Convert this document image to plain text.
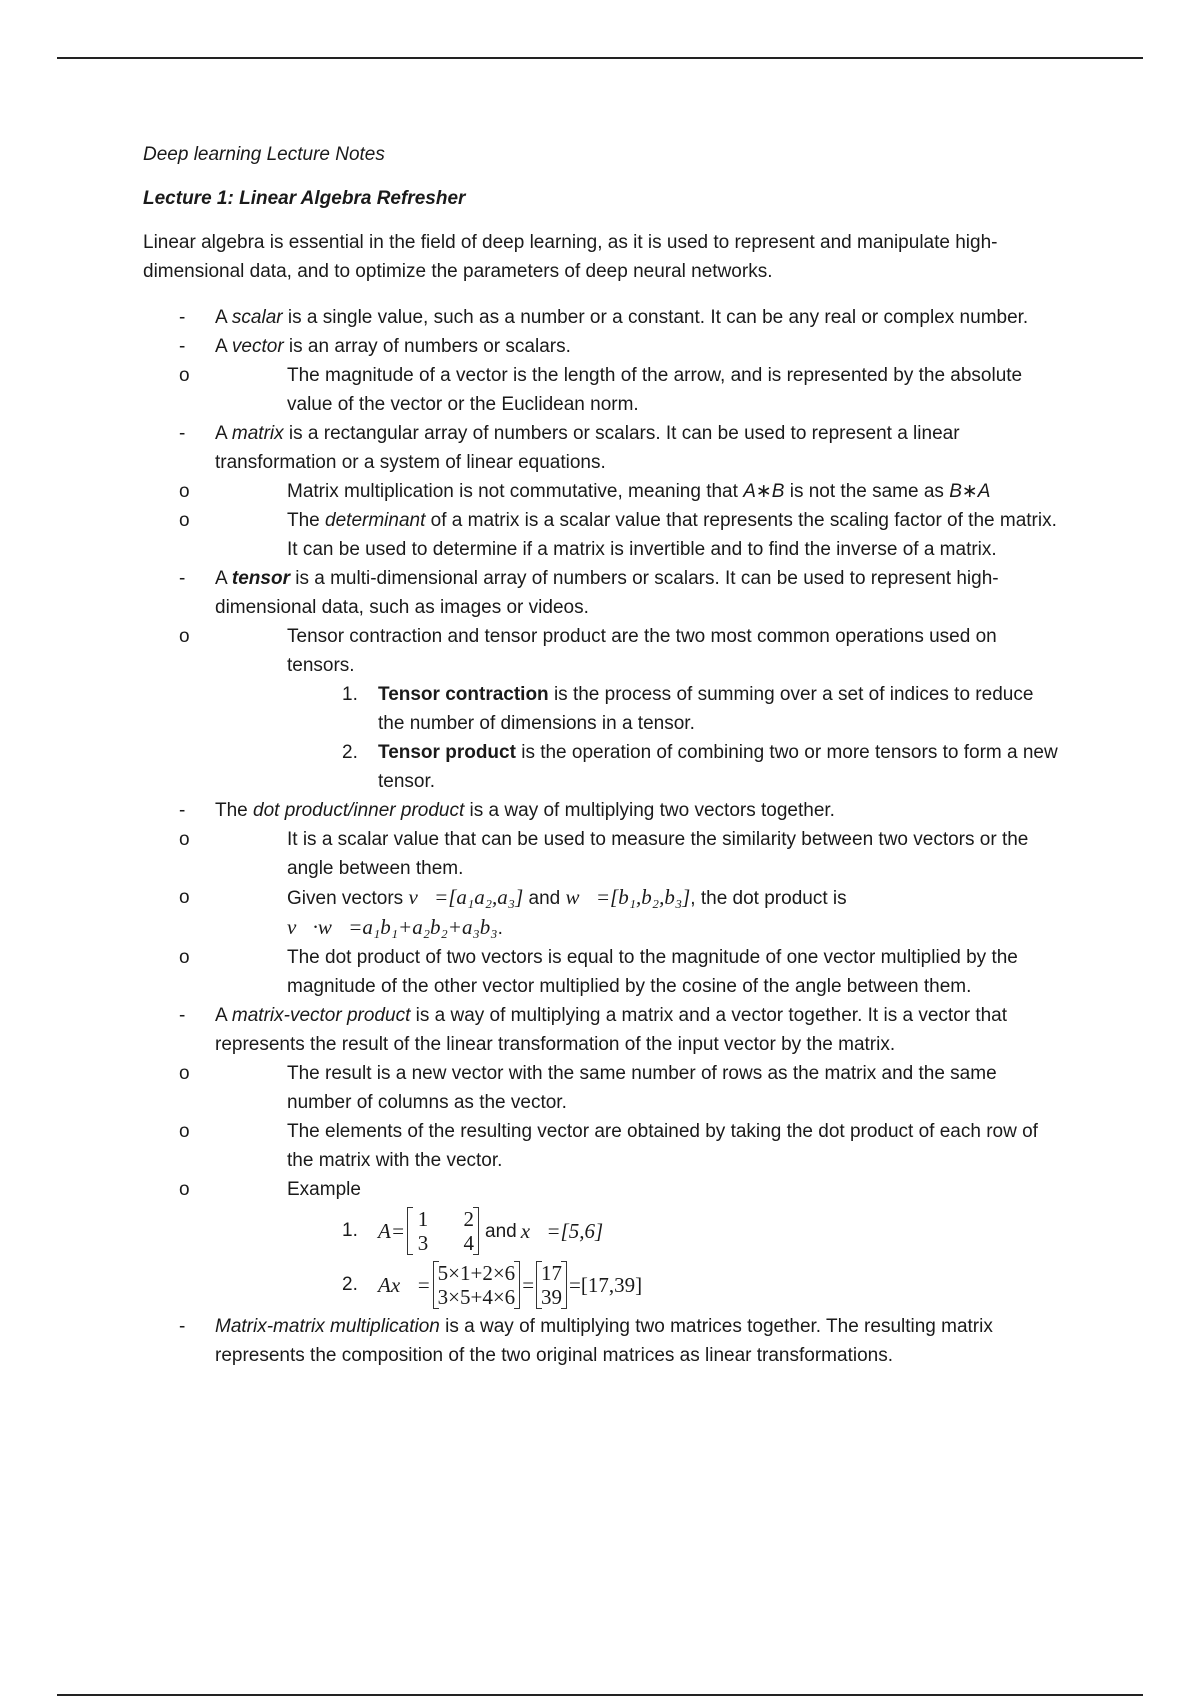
Deep learning Lecture Notes

Lecture 1: Linear Algebra Refresher

Linear algebra is essential in the field of deep learning, as it is used to represent and manipulate high-dimensional data, and to optimize the parameters of deep neural networks.

- A scalar is a single value, such as a number or a constant. It can be any real or complex number.
- A vector is an array of numbers or scalars.
o	The magnitude of a vector is the length of the arrow, and is represented by the absolute value of the vector or the Euclidean norm.
- A matrix is a rectangular array of numbers or scalars. It can be used to represent a linear transformation or a system of linear equations.
o	Matrix multiplication is not commutative, meaning that A∗B is not the same as B∗A
o	The determinant of a matrix is a scalar value that represents the scaling factor of the matrix. It can be used to determine if a matrix is invertible and to find the inverse of a matrix.
- A tensor is a multi-dimensional array of numbers or scalars. It can be used to represent high-dimensional data, such as images or videos.
o	Tensor contraction and tensor product are the two most common operations used on tensors.
1. Tensor contraction is the process of summing over a set of indices to reduce the number of dimensions in a tensor.
2. Tensor product is the operation of combining two or more tensors to form a new tensor.
- The dot product/inner product is a way of multiplying two vectors together.
o	It is a scalar value that can be used to measure the similarity between two vectors or the angle between them.
o	Given vectors v⃗=[a₁a₂,a₃] and w⃗=[b₁,b₂,b₃], the dot product is v⃗·w⃗=a₁b₁+a₂b₂+a₃b₃.
o	The dot product of two vectors is equal to the magnitude of one vector multiplied by the magnitude of the other vector multiplied by the cosine of the angle between them.
- A matrix-vector product is a way of multiplying a matrix and a vector together. It is a vector that represents the result of the linear transformation of the input vector by the matrix.
o	The result is a new vector with the same number of rows as the matrix and the same number of columns as the vector.
o	The elements of the resulting vector are obtained by taking the dot product of each row of the matrix with the vector.
o	Example
1. A= 1 2
3 4 and x⃗=[5,6]
2. Ax⃗= 5×1+2×6
3×5+4×6
= 17
39
=[17,39]
- Matrix-matrix multiplication is a way of multiplying two matrices together. The resulting matrix represents the composition of the two original matrices as linear transformations.
